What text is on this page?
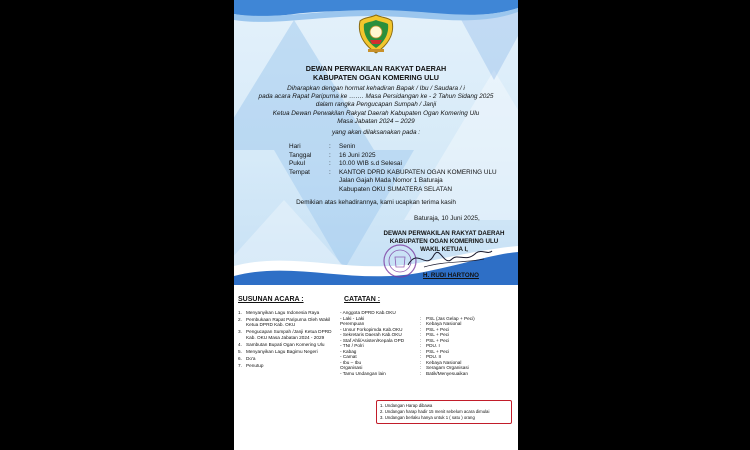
DEWAN PERWAKILAN RAKYAT DAERAH
KABUPATEN OGAN KOMERING ULU
Diharapkan dengan hormat kehadiran Bapak / Ibu / Saudara / i
pada acara Rapat Paripurna ke ……. Masa Persidangan ke - 2 Tahun Sidang 2025
dalam rangka Pengucapan Sumpah / Janji
Ketua Dewan Perwakilan Rakyat Daerah Kabupaten Ogan Komering Ulu
Masa Jabatan 2024 – 2029
yang akan dilaksanakan pada :
Hari	:	Senin
Tanggal	:	16 Juni 2025
Pukul	:	10.00 WIB s.d Selesai
Tempat	:	KANTOR DPRD KABUPATEN OGAN KOMERING ULU
Jalan Gajah Mada Nomor 1 Baturaja
Kabupaten OKU SUMATERA SELATAN
Demikian atas kehadirannya, kami ucapkan terima kasih
Baturaja, 10 Juni 2025,
DEWAN PERWAKILAN RAKYAT DAERAH
KABUPATEN OGAN KOMERING ULU
WAKIL KETUA I,
H. RUDI HARTONO
SUSUNAN ACARA :	CATATAN :
1. Menyanyikan Lagu Indonesia Raya
2. Pembukaan Rapat Paripurna Oleh Wakil Ketua DPRD Kab. OKU
3. Pengucapan Sumpah /Janji Ketua DPRD Kab. OKU Masa Jabatan 2024 - 2029
4. Sambutan Bupati Ogan Komering Ulu
5. Menyanyikan Lagu Bagimu Negeri
6. Do'a
7. Penutup
- Anggota DPRD Kab.OKU
- Laki - Laki	: PSL (Jas Gelap + Peci)
Perempuan	: Kebaya Nasional
- Unsur Forkopimda Kab.OKU	: PSL + Peci
- Sekretaris Daerah Kab.OKU	: PSL + Peci
- Staf Ahli/Asisten/Kepala OPD	: PSL + Peci
- TNI / Polri	: PDU. I
- Kabag	: PSL + Peci
- Camat	: PDU. II
- Ibu – Ibu	: Kebaya Nasional
Organisasi	: Seragam Organisasi
- Tamu Undangan lain	: Batik/Menyesuaikan
1. Undangan Harap dibawa
2. Undangan harap hadir 15 menit sebelum acara dimulai
3. Undangan berlaku hanya untuk 1 ( satu ) orang
